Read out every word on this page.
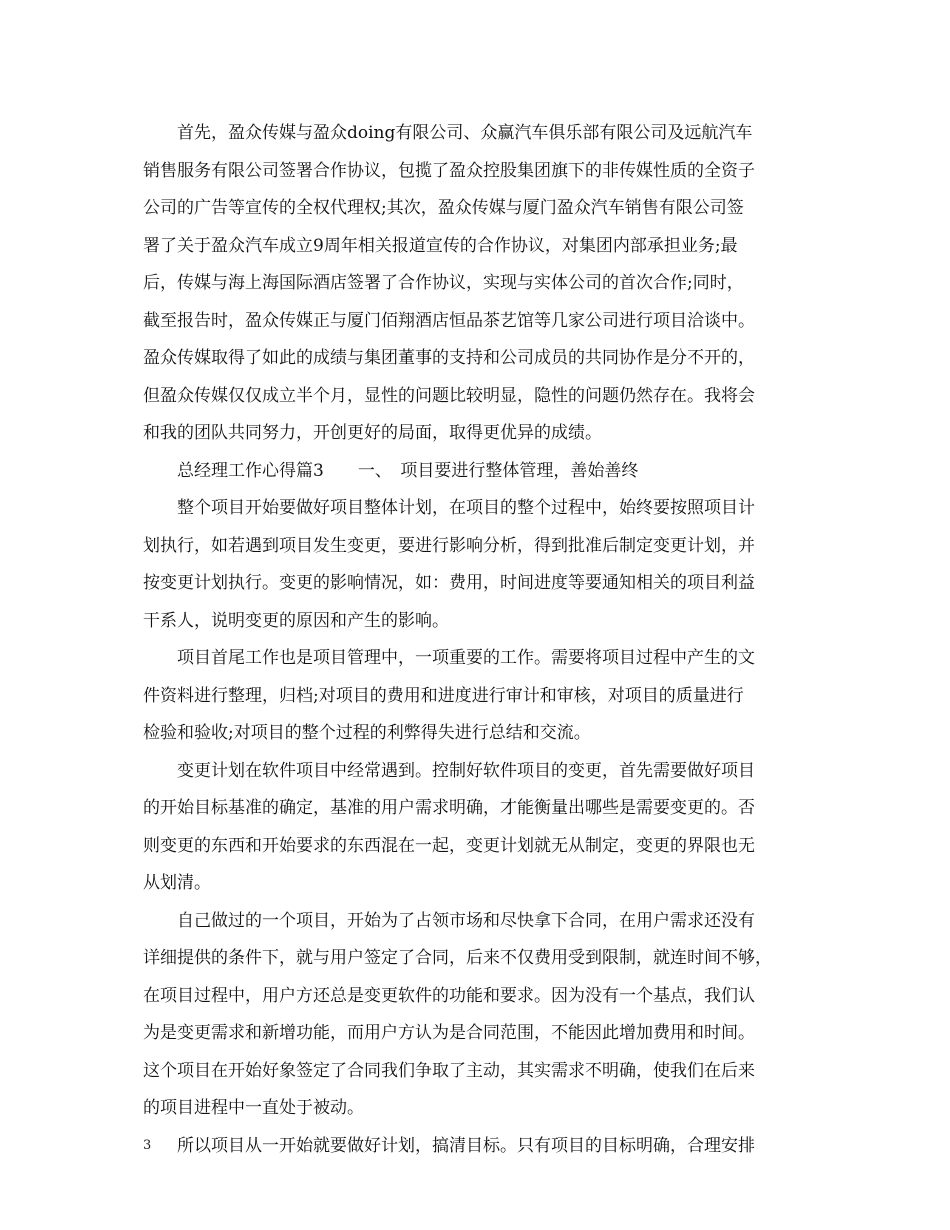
首先，盈众传媒与盈众doing有限公司、众赢汽车俱乐部有限公司及远航汽车
销售服务有限公司签署合作协议，包揽了盈众控股集团旗下的非传媒性质的全资子
公司的广告等宣传的全权代理权;其次，盈众传媒与厦门盈众汽车销售有限公司签
署了关于盈众汽车成立9周年相关报道宣传的合作协议，对集团内部承担业务;最
后，传媒与海上海国际酒店签署了合作协议，实现与实体公司的首次合作;同时，
截至报告时，盈众传媒正与厦门佰翔酒店恒品茶艺馆等几家公司进行项目洽谈中。
盈众传媒取得了如此的成绩与集团董事的支持和公司成员的共同协作是分不开的，
但盈众传媒仅仅成立半个月，显性的问题比较明显，隐性的问题仍然存在。我将会
和我的团队共同努力，开创更好的局面，取得更优异的成绩。
总经理工作心得篇3　　一、　项目要进行整体管理，善始善终
整个项目开始要做好项目整体计划，在项目的整个过程中，始终要按照项目计
划执行，如若遇到项目发生变更，要进行影响分析，得到批准后制定变更计划，并
按变更计划执行。变更的影响情况，如：费用，时间进度等要通知相关的项目利益
干系人，说明变更的原因和产生的影响。
项目首尾工作也是项目管理中，一项重要的工作。需要将项目过程中产生的文
件资料进行整理，归档;对项目的费用和进度进行审计和审核，对项目的质量进行
检验和验收;对项目的整个过程的利弊得失进行总结和交流。
变更计划在软件项目中经常遇到。控制好软件项目的变更，首先需要做好项目
的开始目标基准的确定，基准的用户需求明确，才能衡量出哪些是需要变更的。否
则变更的东西和开始要求的东西混在一起，变更计划就无从制定，变更的界限也无
从划清。
自己做过的一个项目，开始为了占领市场和尽快拿下合同，在用户需求还没有
详细提供的条件下，就与用户签定了合同，后来不仅费用受到限制，就连时间不够，
在项目过程中，用户方还总是变更软件的功能和要求。因为没有一个基点，我们认
为是变更需求和新增功能，而用户方认为是合同范围，不能因此增加费用和时间。
这个项目在开始好象签定了合同我们争取了主动，其实需求不明确，使我们在后来
的项目进程中一直处于被动。
所以项目从一开始就要做好计划，搞清目标。只有项目的目标明确，合理安排
3
